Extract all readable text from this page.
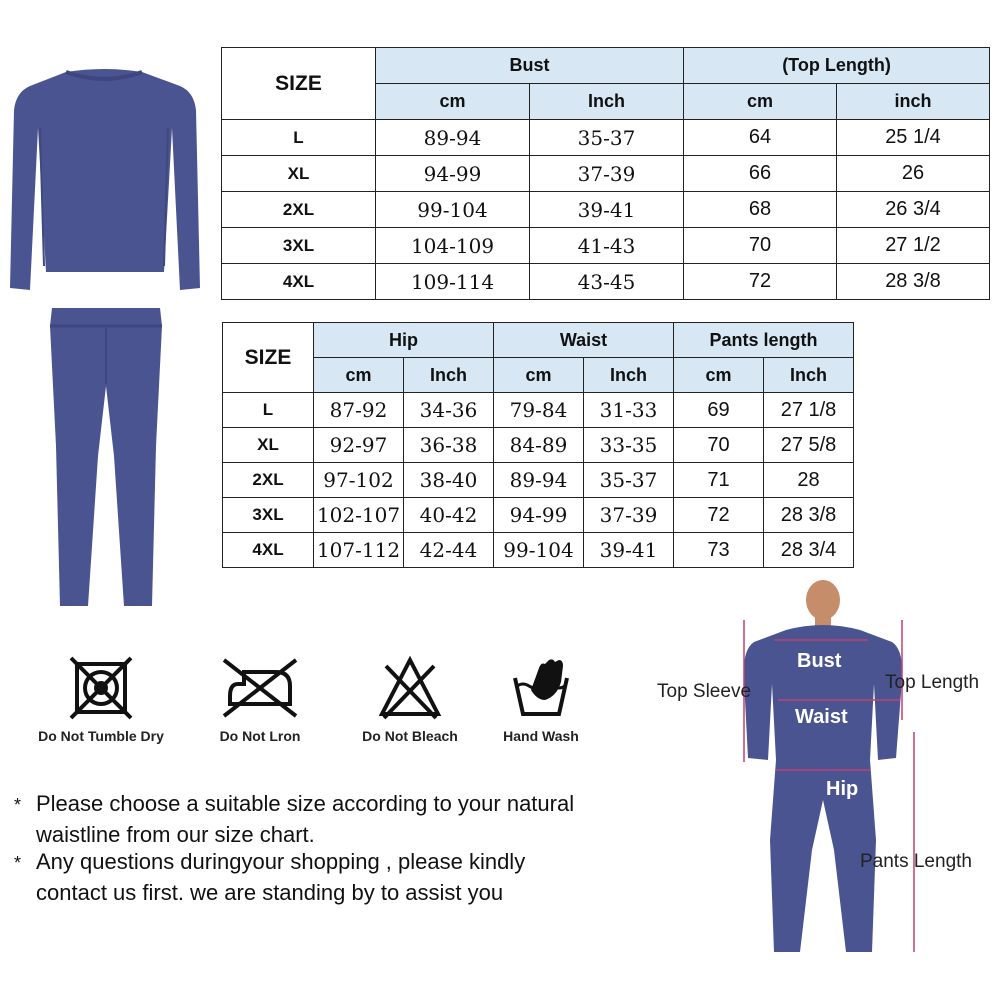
SIZE	Bust		(Top Length)	
	cm	Inch	cm	inch
L	89-94	35-37	64	25 1/4
XL	94-99	37-39	66	26
2XL	99-104	39-41	68	26 3/4
3XL	104-109	41-43	70	27 1/2
4XL	109-114	43-45	72	28 3/8
SIZE	Hip		Waist		Pants length	
	cm	Inch	cm	Inch	cm	Inch
L	87-92	34-36	79-84	31-33	69	27 1/8
XL	92-97	36-38	84-89	33-35	70	27 5/8
2XL	97-102	38-40	89-94	35-37	71	28
3XL	102-107	40-42	94-99	37-39	72	28 3/8
4XL	107-112	42-44	99-104	39-41	73	28 3/4
Do Not Tumble Dry	Do Not Lron	Do Not Bleach	Hand Wash
* Please choose a suitable size according to your natural
waistline from our size chart.
* Any questions duringyour shopping , please kindly
contact us first. we are standing by to assist you
Top Sleeve	Top Length
Pants Length
Bust
Waist
Hip
